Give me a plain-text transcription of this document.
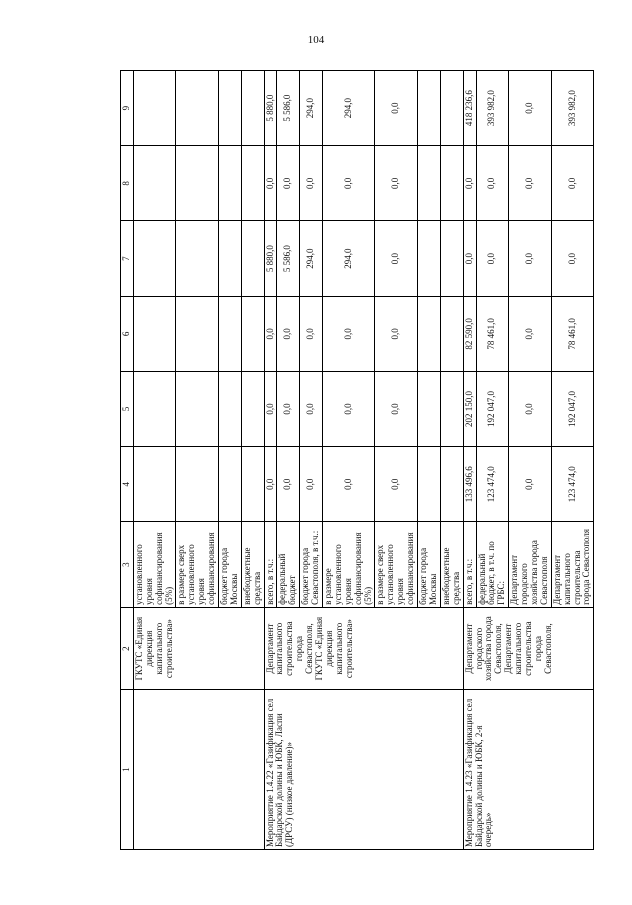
104
1	2	3	4	5	6	7	8	9
	ГКУТС «Единая дирекция капитального строительства»	установленного уровня софинансирования (5%)						
		в размере сверх установленного уровня софинансирования						
		бюджет города Москвы						
		внебюджетные средства						
Мероприятие 1.4.22 «Газификация сел Байдарской долины и ЮБК, Ласпи (ДРСУ) (низкое давление)»	Департамент капитального строительства города Севастополя, ГКУТС «Единая дирекция капитального строительства»	всего, в т.ч.:	0,0	0,0	0,0	5 880,0	0,0	5 880,0
		федеральный бюджет	0,0	0,0	0,0	5 586,0	0,0	5 586,0
		бюджет города Севастополя, в т.ч.:	0,0	0,0	0,0	294,0	0,0	294,0
		в размере установленного уровня софинансирования (5%)	0,0	0,0	0,0	294,0	0,0	294,0
		в размере сверх установленного уровня софинансирования	0,0	0,0	0,0	0,0	0,0	0,0
		бюджет города Москвы						
		внебюджетные средства						
Мероприятие 1.4.23 «Газификация сел Байдарской долины и ЮБК, 2-я очередь»	Департамент городского хозяйства города Севастополя, Департамент капитального строительства города Севастополя,	всего, в т.ч.:	133 496,6	202 150,0	82 590,0	0,0	0,0	418 236,6
		федеральный бюджет, в т.ч. по ГРБС:	123 474,0	192 047,0	78 461,0	0,0	0,0	393 982,0
		Департамент городского хозяйства города Севастополя	0,0	0,0	0,0	0,0	0,0	0,0
		Департамент капитального строительства города Севастополя	123 474,0	192 047,0	78 461,0	0,0	0,0	393 982,0
